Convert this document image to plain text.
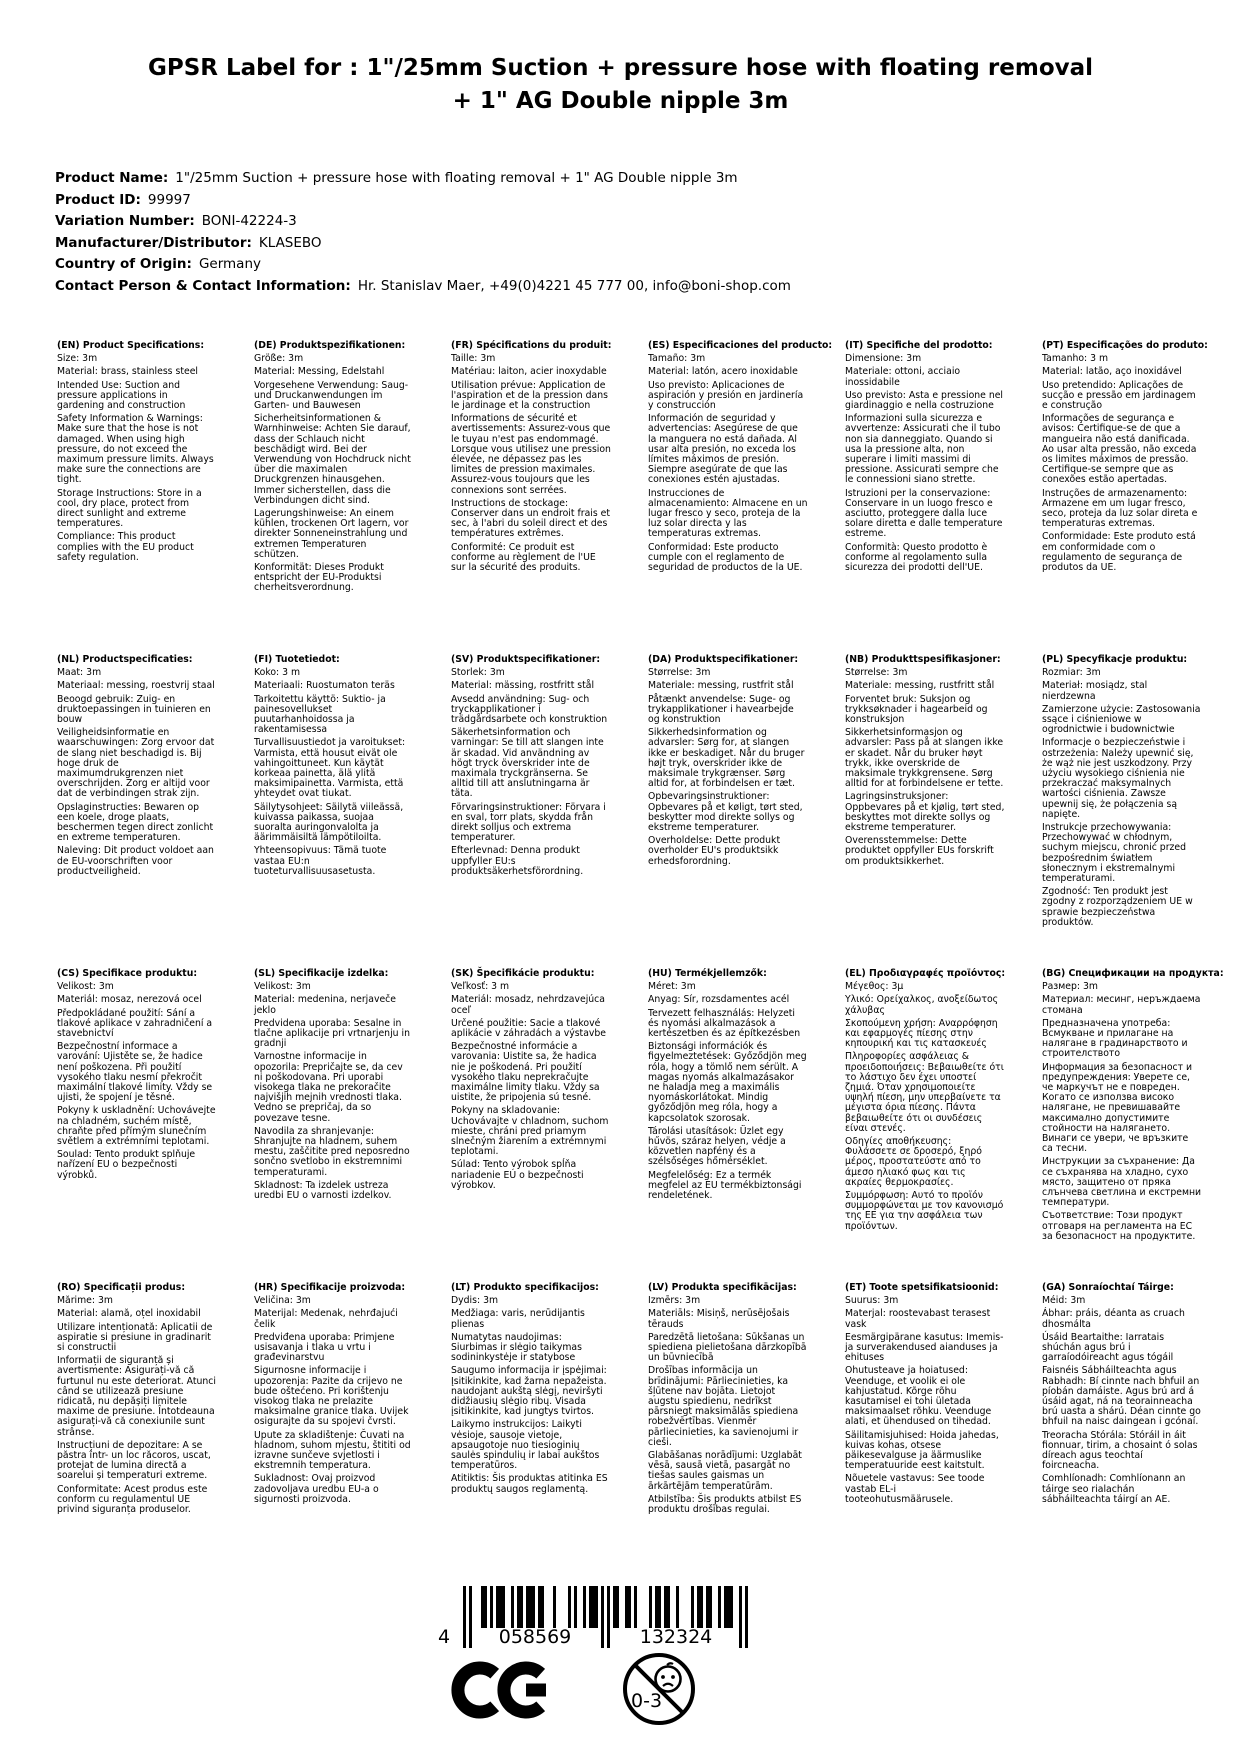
GPSR Label for : 1"/25mm Suction + pressure hose with floating removal + 1" AG Double nipple 3m
Product Name: 1"/25mm Suction + pressure hose with floating removal + 1" AG Double nipple 3m
Product ID: 99997
Variation Number: BONI-42224-3
Manufacturer/Distributor: KLASEBO
Country of Origin: Germany
Contact Person & Contact Information: Hr. Stanislav Maer, +49(0)4221 45 777 00, info@boni-shop.com
(EN) Product Specifications:

Size: 3m

Material: brass, stainless steel

Intended Use: Suction and pressure applications in gardening and construction

Safety Information & Warnings: Make sure that the hose is not damaged. When using high pressure, do not exceed the maximum pressure limits. Always make sure the connections are tight.

Storage Instructions: Store in a cool, dry place, protect from direct sunlight and extreme temperatures.

Compliance: This product complies with the EU product safety regulation.

(DE) Produktspezifikationen:

Größe: 3m

Material: Messing, Edelstahl

Vorgesehene Verwendung: Saug- und Druckanwendungen im Garten- und Bauwesen

Sicherheitsinformationen & Warnhinweise: Achten Sie darauf, dass der Schlauch nicht beschädigt wird. Bei der Verwendung von Hochdruck nicht über die maximalen Druckgrenzen hinausgehen. Immer sicherstellen, dass die Verbindungen dicht sind.

Lagerungshinweise: An einem kühlen, trockenen Ort lagern, vor direkter Sonneneinstrahlung und extremen Temperaturen schützen.

Konformität: Dieses Produkt entspricht der EU-Produktsi cherheitsverordnung.

(FR) Spécifications du produit:

Taille: 3m

Matériau: laiton, acier inoxydable

Utilisation prévue: Application de l'aspiration et de la pression dans le jardinage et la construction

Informations de sécurité et avertissements: Assurez-vous que le tuyau n'est pas endommagé. Lorsque vous utilisez une pression élevée, ne dépassez pas les limites de pression maximales. Assurez-vous toujours que les connexions sont serrées.

Instructions de stockage: Conserver dans un endroit frais et sec, à l'abri du soleil direct et des températures extrêmes.

Conformité: Ce produit est conforme au règlement de l'UE sur la sécurité des produits.

(ES) Especificaciones del producto:

Tamaño: 3m

Material: latón, acero inoxidable

Uso previsto: Aplicaciones de aspiración y presión en jardinería y construcción

Información de seguridad y advertencias: Asegúrese de que la manguera no está dañada. Al usar alta presión, no exceda los límites máximos de presión. Siempre asegúrate de que las conexiones estén ajustadas.

Instrucciones de almacenamiento: Almacene en un lugar fresco y seco, proteja de la luz solar directa y las temperaturas extremas.

Conformidad: Este producto cumple con el reglamento de seguridad de productos de la UE.

(IT) Specifiche del prodotto:

Dimensione: 3m

Materiale: ottoni, acciaio inossidabile

Uso previsto: Asta e pressione nel giardinaggio e nella costruzione

Informazioni sulla sicurezza e avvertenze: Assicurati che il tubo non sia danneggiato. Quando si usa la pressione alta, non superare i limiti massimi di pressione. Assicurati sempre che le connessioni siano strette.

Istruzioni per la conservazione: Conservare in un luogo fresco e asciutto, proteggere dalla luce solare diretta e dalle temperature estreme.

Conformità: Questo prodotto è conforme al regolamento sulla sicurezza dei prodotti dell'UE.

(PT) Especificações do produto:

Tamanho: 3 m

Material: latão, aço inoxidável

Uso pretendido: Aplicações de sucção e pressão em jardinagem e construção

Informações de segurança e avisos: Certifique-se de que a mangueira não está danificada. Ao usar alta pressão, não exceda os limites máximos de pressão. Certifique-se sempre que as conexões estão apertadas.

Instruções de armazenamento: Armazene em um lugar fresco, seco, proteja da luz solar direta e temperaturas extremas.

Conformidade: Este produto está em conformidade com o regulamento de segurança de produtos da UE.

(NL) Productspecificaties:

Maat: 3m

Materiaal: messing, roestvrij staal

Beoogd gebruik: Zuig- en druktoepassingen in tuinieren en bouw

Veiligheidsinformatie en waarschuwingen: Zorg ervoor dat de slang niet beschadigd is. Bij hoge druk de maximumdrukgrenzen niet overschrijden. Zorg er altijd voor dat de verbindingen strak zijn.

Opslaginstructies: Bewaren op een koele, droge plaats, beschermen tegen direct zonlicht en extreme temperaturen.

Naleving: Dit product voldoet aan de EU-voorschriften voor productveiligheid.

(FI) Tuotetiedot:

Koko: 3 m

Materiaali: Ruostumaton teräs

Tarkoitettu käyttö: Suktio- ja painesovellukset puutarhanhoidossa ja rakentamisessa

Turvallisuustiedot ja varoitukset: Varmista, että housut eivät ole vahingoittuneet. Kun käytät korkeaa painetta, älä ylitä maksimipainetta. Varmista, että yhteydet ovat tiukat.

Säilytysohjeet: Säilytä viileässä, kuivassa paikassa, suojaa suoralta auringonvalolta ja äärimmäisiltä lämpötiloilta.

Yhteensopivuus: Tämä tuote vastaa EU:n tuoteturvallisuusasetusta.

(SV) Produktspecifikationer:

Storlek: 3m

Material: mässing, rostfritt stål

Avsedd användning: Sug- och tryckapplikationer i trädgårdsarbete och konstruktion

Säkerhetsinformation och varningar: Se till att slangen inte är skadad. Vid användning av högt tryck överskrider inte de maximala tryckgränserna. Se alltid till att anslutningarna är täta.

Förvaringsinstruktioner: Förvara i en sval, torr plats, skydda från direkt solljus och extrema temperaturer.

Efterlevnad: Denna produkt uppfyller EU:s produktsäkerhetsförordning.

(DA) Produktspecifikationer:

Størrelse: 3m

Materiale: messing, rustfrit stål

Påtænkt anvendelse: Suge- og trykapplikationer i havearbejde og konstruktion

Sikkerhedsinformation og advarsler: Sørg for, at slangen ikke er beskadiget. Når du bruger højt tryk, overskrider ikke de maksimale trykgrænser. Sørg altid for, at forbindelsen er tæt.

Opbevaringsinstruktioner: Opbevares på et køligt, tørt sted, beskytter mod direkte sollys og ekstreme temperaturer.

Overholdelse: Dette produkt overholder EU's produktsikk erhedsforordning.

(NB) Produkttspesifikasjoner:

Størrelse: 3m

Materiale: messing, rustfritt stål

Forventet bruk: Suksjon og trykksøknader i hagearbeid og konstruksjon

Sikkerhetsinformasjon og advarsler: Pass på at slangen ikke er skadet. Når du bruker høyt trykk, ikke overskride de maksimale trykkgrensene. Sørg alltid for at forbindelsene er tette.

Lagringsinstruksjoner: Oppbevares på et kjølig, tørt sted, beskyttes mot direkte sollys og ekstreme temperaturer.

Overensstemmelse: Dette produktet oppfyller EUs forskrift om produktsikkerhet.

(PL) Specyfikacje produktu:

Rozmiar: 3m

Materiał: mosiądz, stal nierdzewna

Zamierzone użycie: Zastosowania ssące i ciśnieniowe w ogrodnictwie i budownictwie

Informacje o bezpieczeństwie i ostrzeżenia: Należy upewnić się, że wąż nie jest uszkodzony. Przy użyciu wysokiego ciśnienia nie przekraczać maksymalnych wartości ciśnienia. Zawsze upewnij się, że połączenia są napięte.

Instrukcje przechowywania: Przechowywać w chłodnym, suchym miejscu, chronić przed bezpośrednim światłem słonecznym i ekstremalnymi temperaturami.

Zgodność: Ten produkt jest zgodny z rozporządzeniem UE w sprawie bezpieczeństwa produktów.

(CS) Specifikace produktu:

Velikost: 3m

Materiál: mosaz, nerezová ocel

Předpokládané použití: Sání a tlakové aplikace v zahradničení a stavebnictví

Bezpečnostní informace a varování: Ujistěte se, že hadice není poškozena. Při použití vysokého tlaku nesmí překročit maximální tlakové limity. Vždy se ujisti, že spojení je těsné.

Pokyny k uskladnění: Uchovávejte na chladném, suchém místě, chraňte před přímým slunečním světlem a extrémními teplotami.

Soulad: Tento produkt splňuje nařízení EU o bezpečnosti výrobků.

(SL) Specifikacije izdelka:

Velikost: 3m

Material: medenina, nerjaveče jeklo

Predvidena uporaba: Sesalne in tlačne aplikacije pri vrtnarjenju in gradnji

Varnostne informacije in opozorila: Prepričajte se, da cev ni poškodovana. Pri uporabi visokega tlaka ne prekoračite najvišjih mejnih vrednosti tlaka. Vedno se prepričaj, da so povezave tesne.

Navodila za shranjevanje: Shranjujte na hladnem, suhem mestu, zaščitite pred neposredno sončno svetlobo in ekstremnimi temperaturami.

Skladnost: Ta izdelek ustreza uredbi EU o varnosti izdelkov.

(SK) Špecifikácie produktu:

Veľkosť: 3 m

Materiál: mosadz, nehrdzavejúca oceľ

Určené použitie: Sacie a tlakové aplikácie v záhradách a výstavbe

Bezpečnostné informácie a varovania: Uistite sa, že hadica nie je poškodená. Pri použití vysokého tlaku neprekračujte maximálne limity tlaku. Vždy sa uistite, že pripojenia sú tesné.

Pokyny na skladovanie: Uchovávajte v chladnom, suchom mieste, chráni pred priamym slnečným žiarením a extrémnymi teplotami.

Súlad: Tento výrobok spĺňa nariadenie EÚ o bezpečnosti výrobkov.

(HU) Termékjellemzők:

Méret: 3m

Anyag: Sír, rozsdamentes acél

Tervezett felhasználás: Helyzeti és nyomási alkalmazások a kertészetben és az építkezésben

Biztonsági információk és figyelmeztetések: Győződjön meg róla, hogy a tömlő nem sérült. A magas nyomás alkalmazásakor ne haladja meg a maximális nyomáskorlátokat. Mindig győződjön meg róla, hogy a kapcsolatok szorosak.

Tárolási utasítások: Üzlet egy hűvös, száraz helyen, védje a közvetlen napfény és a szélsőséges hőmérséklet.

Megfelelőség: Ez a termék megfelel az EU termékbiztonsági rendeletének.

(EL) Προδιαγραφές προϊόντος:

Μέγεθος: 3μ

Υλικό: Ορείχαλκος, ανοξείδωτος χάλυβας

Σκοπούμενη χρήση: Αναρρόφηση και εφαρμογές πίεσης στην κηπουρική και τις κατασκευές

Πληροφορίες ασφάλειας & προειδοποιήσεις: Βεβαιωθείτε ότι το λάστιχο δεν έχει υποστεί ζημιά. Όταν χρησιμοποιείτε υψηλή πίεση, μην υπερβαίνετε τα μέγιστα όρια πίεσης. Πάντα βεβαιωθείτε ότι οι συνδέσεις είναι στενές.

Οδηγίες αποθήκευσης: Φυλάσσετε σε δροσερό, ξηρό μέρος, προστατεύστε από το άμεσο ηλιακό φως και τις ακραίες θερμοκρασίες.

Συμμόρφωση: Αυτό το προϊόν συμμορφώνεται με τον κανονισμό της ΕΕ για την ασφάλεια των προϊόντων.

(BG) Спецификации на продукта:

Размер: 3m

Материал: месинг, неръждаема стомана

Предназначена употреба: Всмукване и прилагане на налягане в градинарството и строителството

Информация за безопасност и предупреждения: Уверете се, че маркучът не е повреден. Когато се използва високо налягане, не превишавайте максимално допустимите стойности на налягането. Винаги се увери, че връзките са тесни.

Инструкции за съхранение: Да се съхранява на хладно, сухо място, защитено от пряка слънчева светлина и екстремни температури.

Съответствие: Този продукт отговаря на регламента на ЕС за безопасност на продуктите.

(RO) Specificații produs:

Mărime: 3m

Material: alamă, oțel inoxidabil

Utilizare intenționată: Aplicatii de aspiratie si presiune in gradinarit si constructii

Informații de siguranță și avertismente: Asigurați-vă că furtunul nu este deteriorat. Atunci când se utilizează presiune ridicată, nu depășiți limitele maxime de presiune. Întotdeauna asigurați-vă că conexiunile sunt strânse.

Instrucțiuni de depozitare: A se păstra într- un loc răcoros, uscat, protejat de lumina directă a soarelui și temperaturi extreme.

Conformitate: Acest produs este conform cu regulamentul UE privind siguranța produselor.

(HR) Specifikacije proizvoda:

Veličina: 3m

Materijal: Medenak, nehrđajući čelik

Predviđena uporaba: Primjene usisavanja i tlaka u vrtu i građevinarstvu

Sigurnosne informacije i upozorenja: Pazite da crijevo ne bude oštećeno. Pri korištenju visokog tlaka ne prelazite maksimalne granice tlaka. Uvijek osigurajte da su spojevi čvrsti.

Upute za skladištenje: Čuvati na hladnom, suhom mjestu, štititi od izravne sunčeve svjetlosti i ekstremnih temperatura.

Sukladnost: Ovaj proizvod zadovoljava uredbu EU-a o sigurnosti proizvoda.

(LT) Produkto specifikacijos:

Dydis: 3m

Medžiaga: varis, nerūdijantis plienas

Numatytas naudojimas: Siurbimas ir slėgio taikymas sodininkystėje ir statybose

Saugumo informacija ir įspėjimai: Įsitikinkite, kad žarna nepažeista. naudojant aukštą slėgį, neviršyti didžiausių slėgio ribų. Visada įsitikinkite, kad jungtys tvirtos.

Laikymo instrukcijos: Laikyti vėsioje, sausoje vietoje, apsaugotoje nuo tiesioginių saulės spindulių ir labai aukštos temperatūros.

Atitiktis: Šis produktas atitinka ES produktų saugos reglamentą.

(LV) Produkta specifikācijas:

Izmērs: 3m

Materiāls: Misiņš, nerūsējošais tērauds

Paredzētā lietošana: Sūkšanas un spiediena pielietošana dārzkopībā un būvniecībā

Drošības informācija un brīdinājumi: Pārliecinieties, ka šļūtene nav bojāta. Lietojot augstu spiedienu, nedrīkst pārsniegt maksimālās spiediena robežvērtības. Vienmēr pārliecinieties, ka savienojumi ir cieši.

Glabāšanas norādījumi: Uzglabāt vēsā, sausā vietā, pasargāt no tiešas saules gaismas un ārkārtējām temperatūrām.

Atbilstība: Šis produkts atbilst ES produktu drošības regulai.

(ET) Toote spetsifikatsioonid:

Suurus: 3m

Materjal: roostevabast terasest vask

Eesmärgipärane kasutus: Imemis- ja surverakendused aianduses ja ehituses

Ohutusteave ja hoiatused: Veenduge, et voolik ei ole kahjustatud. Kõrge rõhu kasutamisel ei tohi ületada maksimaalset rõhku. Veenduge alati, et ühendused on tihedad.

Säilitamisjuhised: Hoida jahedas, kuivas kohas, otsese päikesevalguse ja äärmuslike temperatuuride eest kaitstult.

Nõuetele vastavus: See toode vastab EL-i tooteohutusmäärusele.

(GA) Sonraíochtaí Táirge:

Méid: 3m

Ábhar: práis, déanta as cruach dhosmálta

Úsáid Beartaithe: Iarratais shúchán agus brú i garraíodóireacht agus tógáil

Faisnéis Sábháilteachta agus Rabhadh: Bí cinnte nach bhfuil an píobán damáiste. Agus brú ard á úsáid agat, ná na teorainneacha brú uasta a shárú. Déan cinnte go bhfuil na naisc daingean i gcónaí.

Treoracha Stórála: Stóráil in áit fionnuar, tirim, a chosaint ó solas díreach agus teochtaí foircneacha.

Comhlíonadh: Comhlíonann an táirge seo rialachán sábháilteachta táirgí an AE.

4	058569	132324
0-3
